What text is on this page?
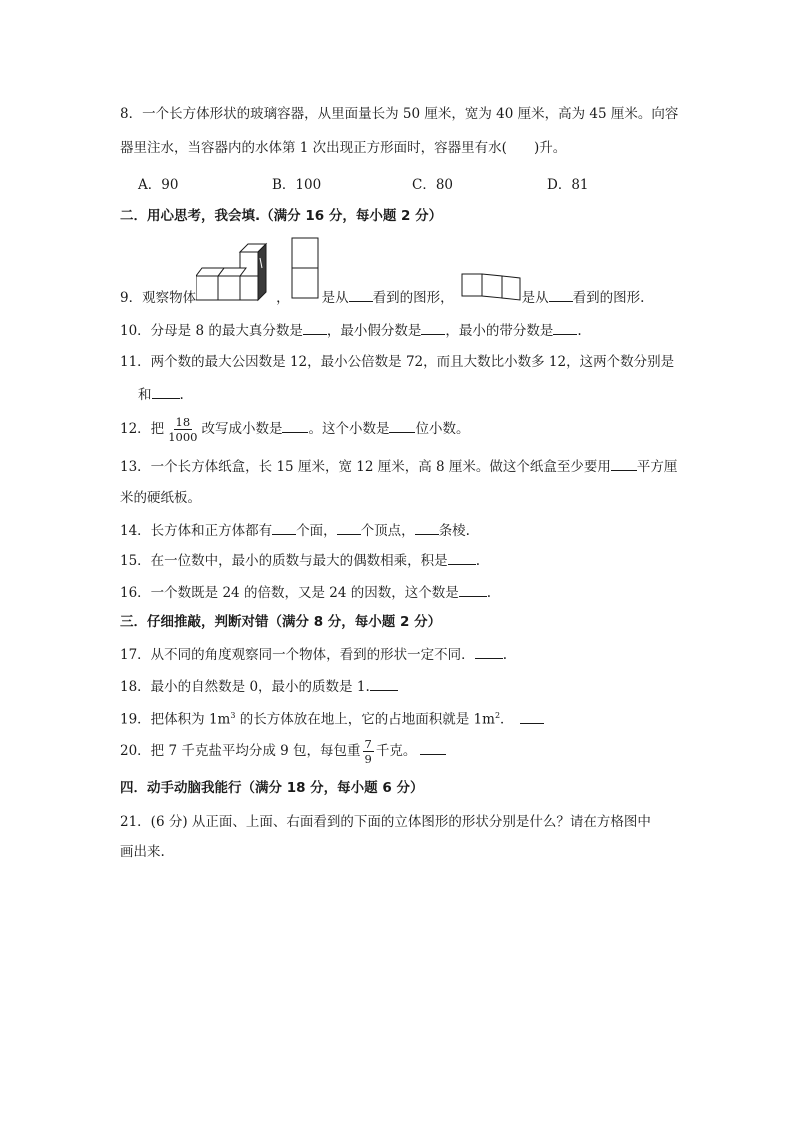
8．一个长方体形状的玻璃容器，从里面量长为 50 厘米，宽为 40 厘米，高为 45 厘米。向容
器里注水，当容器内的水体第 1 次出现正方形面时，容器里有水(　　)升。
A．90	B．100	C．80	D．81
二．用心思考，我会填.（满分 16 分，每小题 2 分）
9．观察物体	， 是从 看到的图形，	是从 看到的图形.
10．分母是 8 的最大真分数是 ，最小假分数是 ，最小的带分数是 .
11．两个数的最大公因数是 12，最小公倍数是 72，而且大数比小数多 12，这两个数分别是
和 .
12．把 $\frac{18}{1000}$ 改写成小数是 。这个小数是 位小数。
13．一个长方体纸盒，长 15 厘米，宽 12 厘米，高 8 厘米。做这个纸盒至少要用 平方厘
米的硬纸板。
14．长方体和正方体都有 个面， 个顶点， 条棱.
15．在一位数中，最小的质数与最大的偶数相乘，积是 .
16．一个数既是 24 的倍数，又是 24 的因数，这个数是 .
三．仔细推敲，判断对错（满分 8 分，每小题 2 分）
17．从不同的角度观察同一个物体，看到的形状一定不同． .
18．最小的自然数是 0，最小的质数是 1.
19．把体积为 $1m^3$ 的长方体放在地上，它的占地面积就是 $1m^2$．
20．把 7 千克盐平均分成 9 包，每包重 $\frac{7}{9}$ 千克。
四．动手动脑我能行（满分 18 分，每小题 6 分）
21．(6 分) 从正面、上面、右面看到的下面的立体图形的形状分别是什么？请在方格图中
画出来.
